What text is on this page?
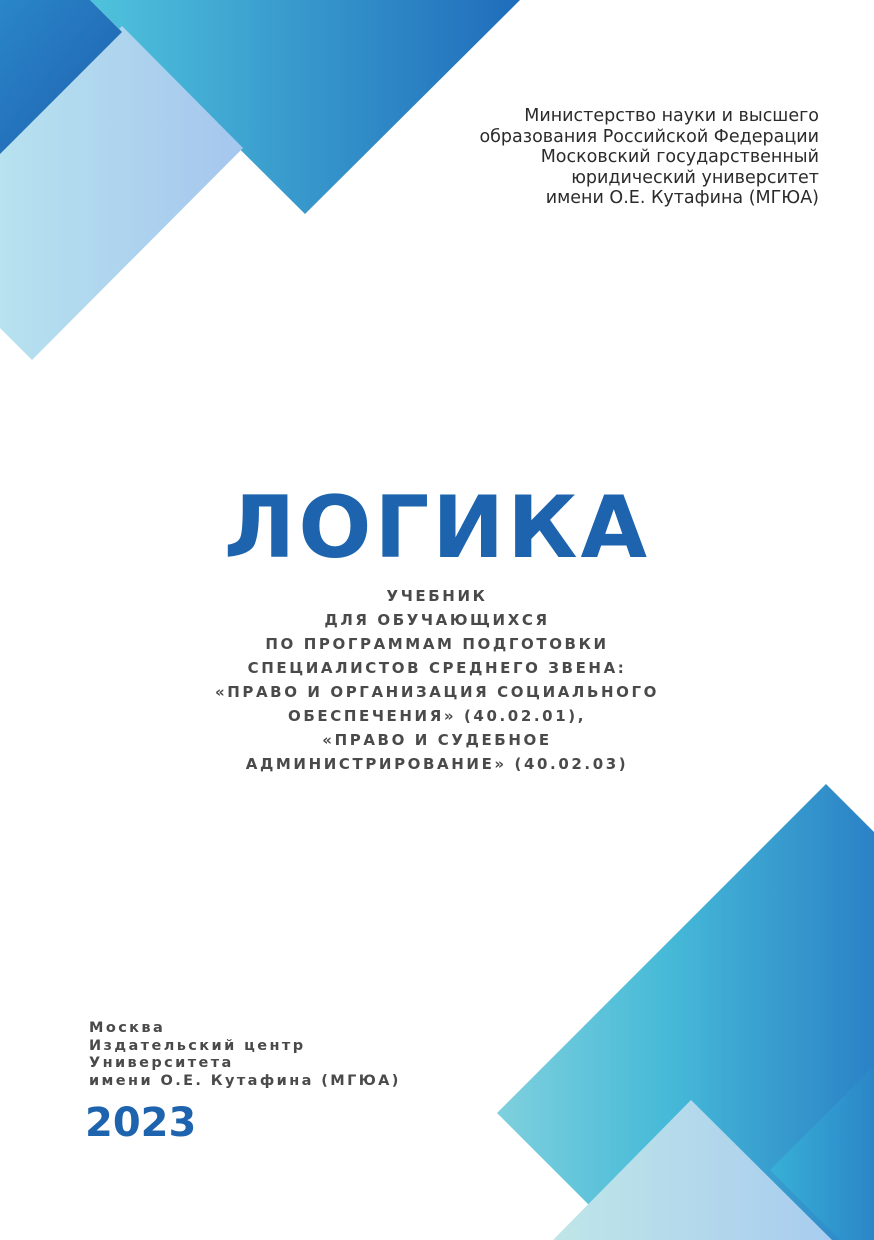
Министерство науки и высшего
образования Российской Федерации
Московский государственный
юридический университет
имени О.Е. Кутафина (МГЮА)
ЛОГИКА
УЧЕБНИК
ДЛЯ ОБУЧАЮЩИХСЯ
ПО ПРОГРАММАМ ПОДГОТОВКИ
СПЕЦИАЛИСТОВ СРЕДНЕГО ЗВЕНА:
«ПРАВО И ОРГАНИЗАЦИЯ СОЦИАЛЬНОГО
ОБЕСПЕЧЕНИЯ» (40.02.01),
«ПРАВО И СУДЕБНОЕ
АДМИНИСТРИРОВАНИЕ» (40.02.03)
Москва
Издательский центр
Университета
имени О.Е. Кутафина (МГЮА)
2023
